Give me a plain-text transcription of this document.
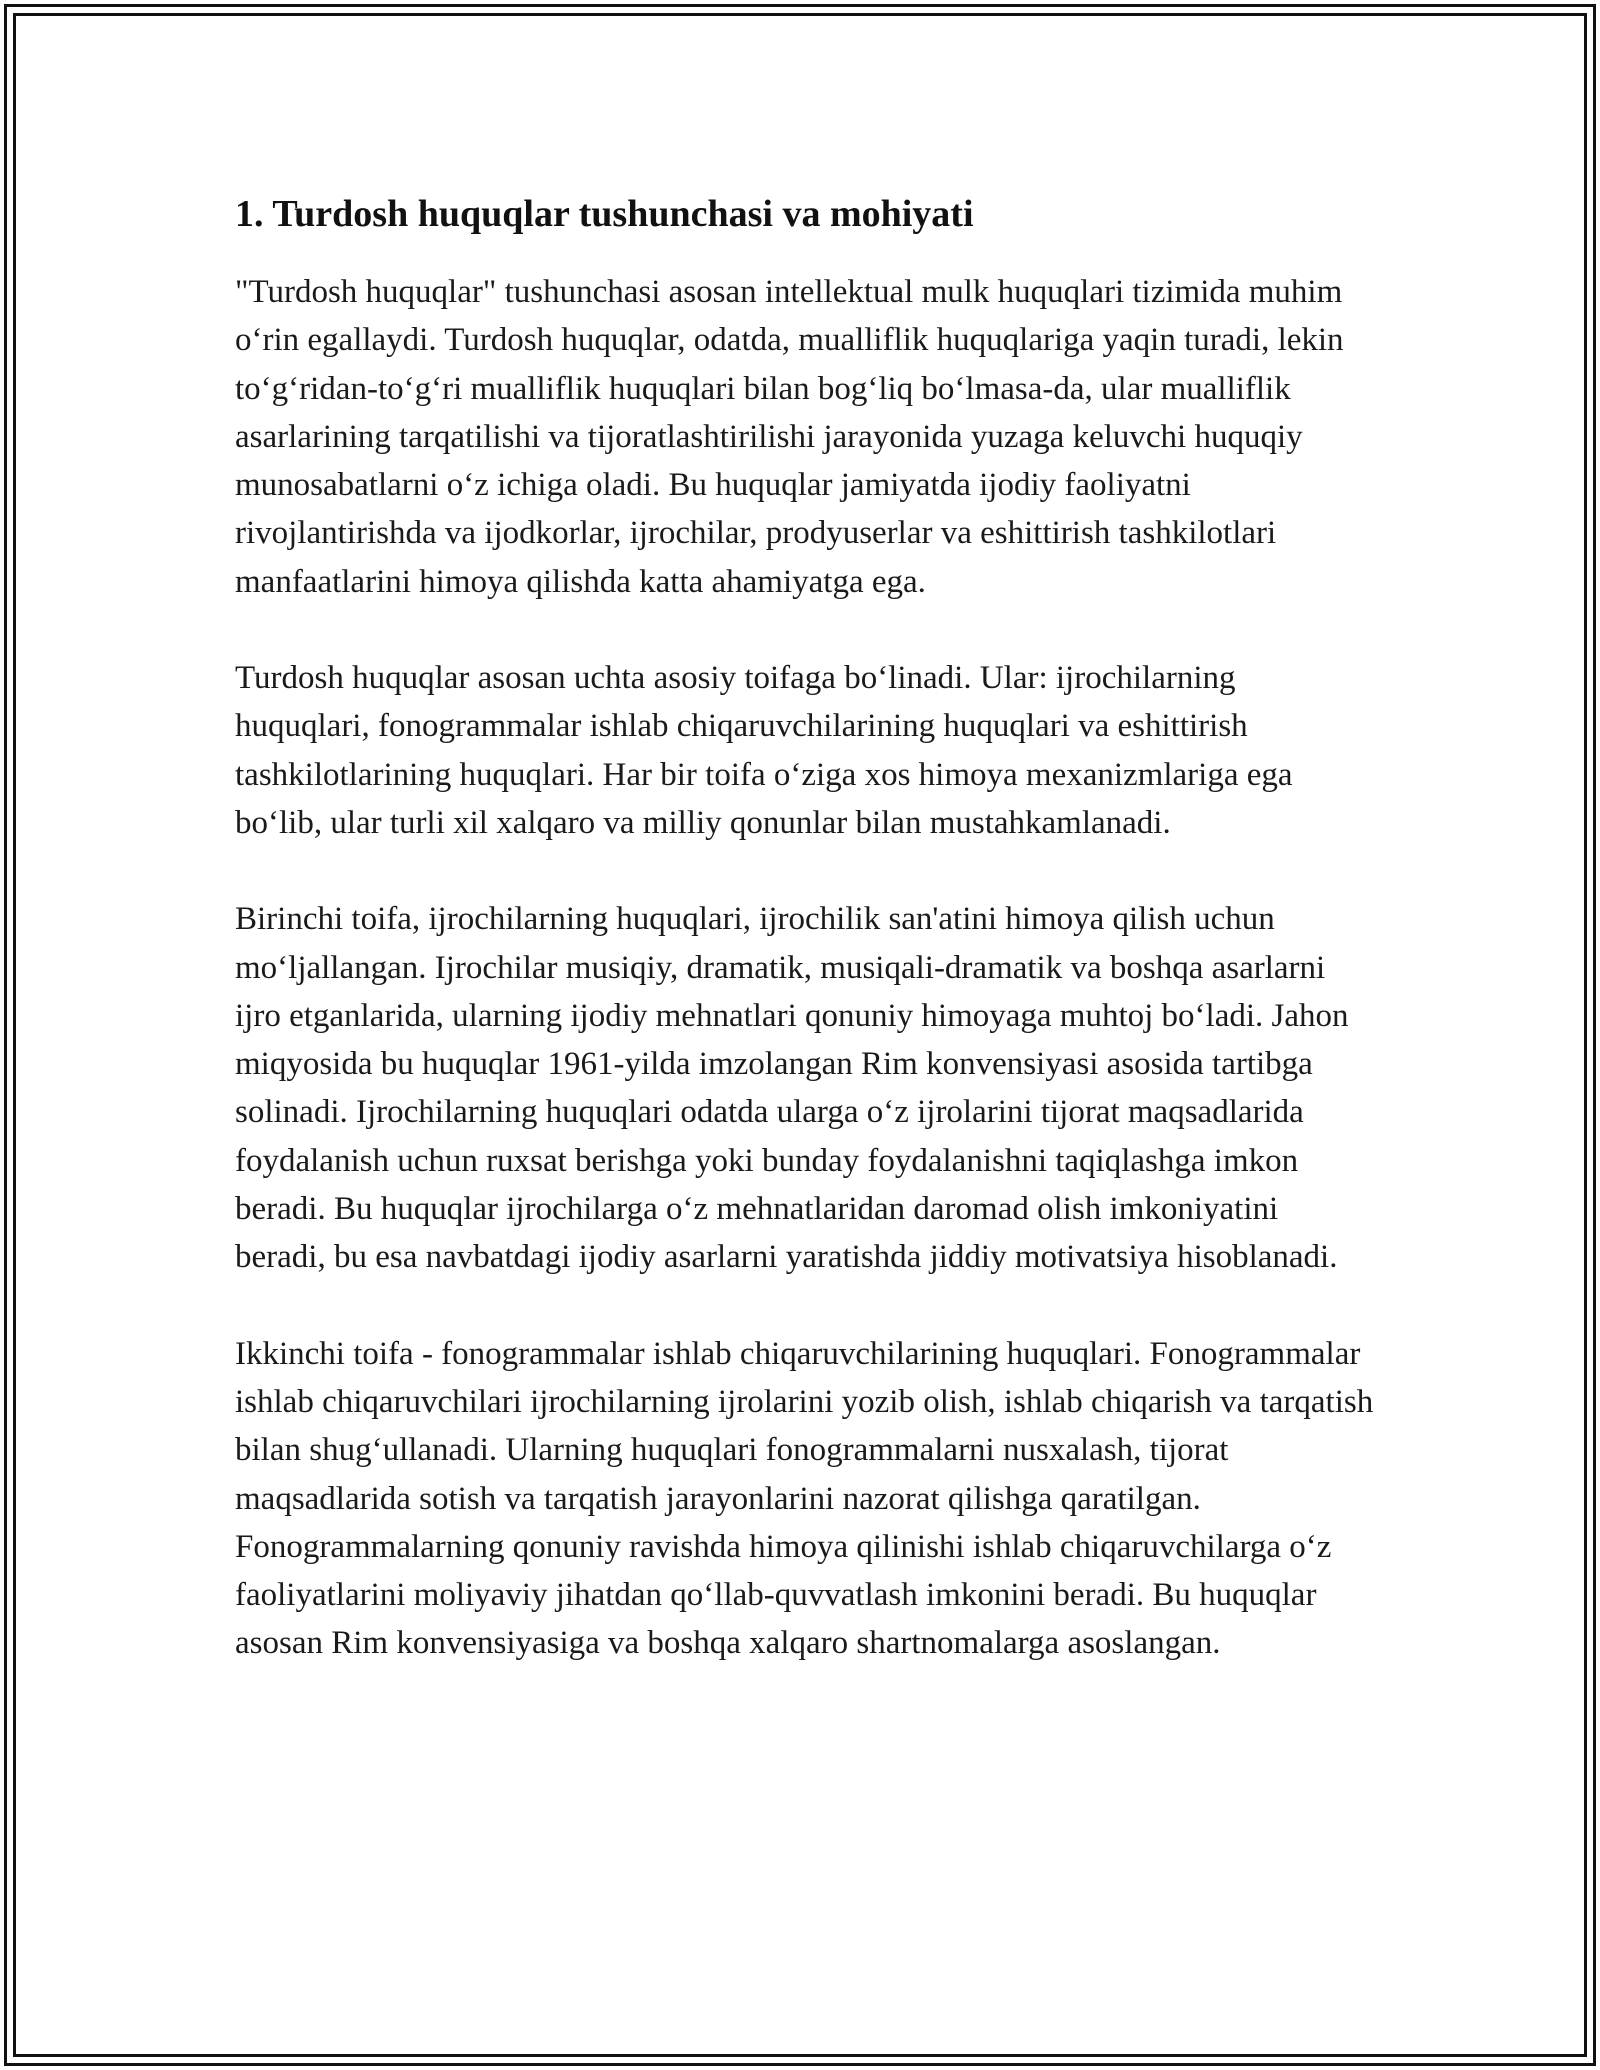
1. Turdosh huquqlar tushunchasi va mohiyati

"Turdosh huquqlar" tushunchasi asosan intellektual mulk huquqlari tizimida muhim o‘rin egallaydi. Turdosh huquqlar, odatda, mualliflik huquqlariga yaqin turadi, lekin to‘g‘ridan-to‘g‘ri mualliflik huquqlari bilan bog‘liq bo‘lmasa-da, ular mualliflik asarlarining tarqatilishi va tijoratlashtirilishi jarayonida yuzaga keluvchi huquqiy munosabatlarni o‘z ichiga oladi. Bu huquqlar jamiyatda ijodiy faoliyatni rivojlantirishda va ijodkorlar, ijrochilar, prodyuserlar va eshittirish tashkilotlari manfaatlarini himoya qilishda katta ahamiyatga ega.

Turdosh huquqlar asosan uchta asosiy toifaga bo‘linadi. Ular: ijrochilarning huquqlari, fonogrammalar ishlab chiqaruvchilarining huquqlari va eshittirish tashkilotlarining huquqlari. Har bir toifa o‘ziga xos himoya mexanizmlariga ega bo‘lib, ular turli xil xalqaro va milliy qonunlar bilan mustahkamlanadi.

Birinchi toifa, ijrochilarning huquqlari, ijrochilik san'atini himoya qilish uchun mo‘ljallangan. Ijrochilar musiqiy, dramatik, musiqali-dramatik va boshqa asarlarni ijro etganlarida, ularning ijodiy mehnatlari qonuniy himoyaga muhtoj bo‘ladi. Jahon miqyosida bu huquqlar 1961-yilda imzolangan Rim konvensiyasi asosida tartibga solinadi. Ijrochilarning huquqlari odatda ularga o‘z ijrolarini tijorat maqsadlarida foydalanish uchun ruxsat berishga yoki bunday foydalanishni taqiqlashga imkon beradi. Bu huquqlar ijrochilarga o‘z mehnatlaridan daromad olish imkoniyatini beradi, bu esa navbatdagi ijodiy asarlarni yaratishda jiddiy motivatsiya hisoblanadi.

Ikkinchi toifa - fonogrammalar ishlab chiqaruvchilarining huquqlari. Fonogrammalar ishlab chiqaruvchilari ijrochilarning ijrolarini yozib olish, ishlab chiqarish va tarqatish bilan shug‘ullanadi. Ularning huquqlari fonogrammalarni nusxalash, tijorat maqsadlarida sotish va tarqatish jarayonlarini nazorat qilishga qaratilgan. Fonogrammalarning qonuniy ravishda himoya qilinishi ishlab chiqaruvchilarga o‘z faoliyatlarini moliyaviy jihatdan qo‘llab-quvvatlash imkonini beradi. Bu huquqlar asosan Rim konvensiyasiga va boshqa xalqaro shartnomalarga asoslangan.
